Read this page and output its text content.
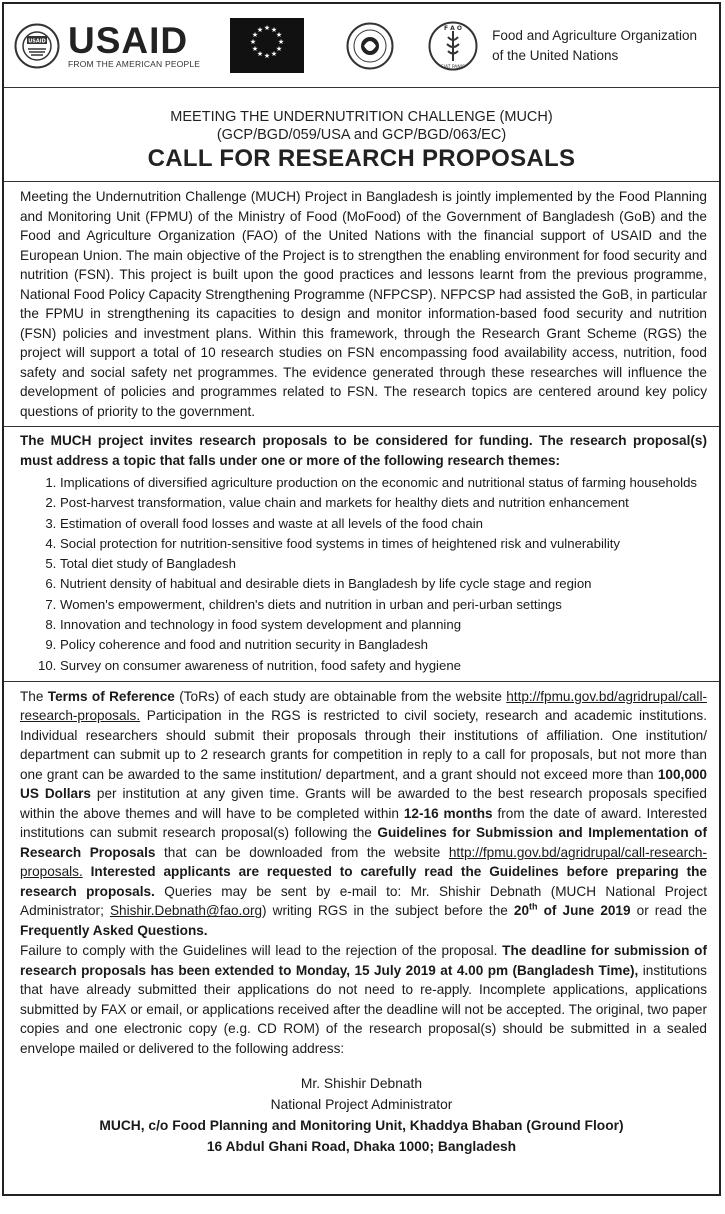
USAID USAID
FROM THE AMERICAN PEOPLE
★ ★
★
★
★
★
★
★
★
★
★
★	F A O
FIAT PANIS
Food and Agriculture Organization
of the United Nations
MEETING THE UNDERNUTRITION CHALLENGE (MUCH)
(GCP/BGD/059/USA and GCP/BGD/063/EC)
CALL FOR RESEARCH PROPOSALS

Meeting the Undernutrition Challenge (MUCH) Project in Bangladesh is jointly implemented by the Food Planning and Monitoring Unit (FPMU) of the Ministry of Food (MoFood) of the Government of Bangladesh (GoB) and the Food and Agriculture Organization (FAO) of the United Nations with the financial support of USAID and the European Union. The main objective of the Project is to strengthen the enabling environment for food security and nutrition (FSN). This project is built upon the good practices and lessons learnt from the previous programme, National Food Policy Capacity Strengthening Programme (NFPCSP). NFPCSP had assisted the GoB, in particular the FPMU in strengthening its capacities to design and monitor information-based food security and nutrition (FSN) policies and investment plans. Within this framework, through the Research Grant Scheme (RGS) the project will support a total of 10 research studies on FSN encompassing food availability access, nutrition, food safety and social safety net programmes. The evidence generated through these researches will influence the development of policies and programmes related to FSN. The research topics are centered around key policy questions of priority to the government.

The MUCH project invites research proposals to be considered for funding. The research proposal(s) must address a topic that falls under one or more of the following research themes:

1. Implications of diversified agriculture production on the economic and nutritional status of farming households
2. Post-harvest transformation, value chain and markets for healthy diets and nutrition enhancement
3. Estimation of overall food losses and waste at all levels of the food chain
4. Social protection for nutrition-sensitive food systems in times of heightened risk and vulnerability
5. Total diet study of Bangladesh
6. Nutrient density of habitual and desirable diets in Bangladesh by life cycle stage and region
7. Women's empowerment, children's diets and nutrition in urban and peri-urban settings
8. Innovation and technology in food system development and planning
9. Policy coherence and food and nutrition security in Bangladesh
10. Survey on consumer awareness of nutrition, food safety and hygiene

The Terms of Reference (ToRs) of each study are obtainable from the website http://fpmu.gov.bd/agridrupal/call-research-proposals. Participation in the RGS is restricted to civil society, research and academic institutions. Individual researchers should submit their proposals through their institutions of affiliation. One institution/ department can submit up to 2 research grants for competition in reply to a call for proposals, but not more than one grant can be awarded to the same institution/ department, and a grant should not exceed more than 100,000 US Dollars per institution at any given time. Grants will be awarded to the best research proposals specified within the above themes and will have to be completed within 12-16 months from the date of award. Interested institutions can submit research proposal(s) following the Guidelines for Submission and Implementation of Research Proposals that can be downloaded from the website http://fpmu.gov.bd/agridrupal/call-research-proposals. Interested applicants are requested to carefully read the Guidelines before preparing the research proposals. Queries may be sent by e-mail to: Mr. Shishir Debnath (MUCH National Project Administrator; Shishir.Debnath@fao.org) writing RGS in the subject before the 20th of June 2019 or read the Frequently Asked Questions.

Failure to comply with the Guidelines will lead to the rejection of the proposal. The deadline for submission of research proposals has been extended to Monday, 15 July 2019 at 4.00 pm (Bangladesh Time), institutions that have already submitted their applications do not need to re-apply. Incomplete applications, applications submitted by FAX or email, or applications received after the deadline will not be accepted. The original, two paper copies and one electronic copy (e.g. CD ROM) of the research proposal(s) should be submitted in a sealed envelope mailed or delivered to the following address:

Mr. Shishir Debnath
National Project Administrator
MUCH, c/o Food Planning and Monitoring Unit, Khaddya Bhaban (Ground Floor)
16 Abdul Ghani Road, Dhaka 1000; Bangladesh
